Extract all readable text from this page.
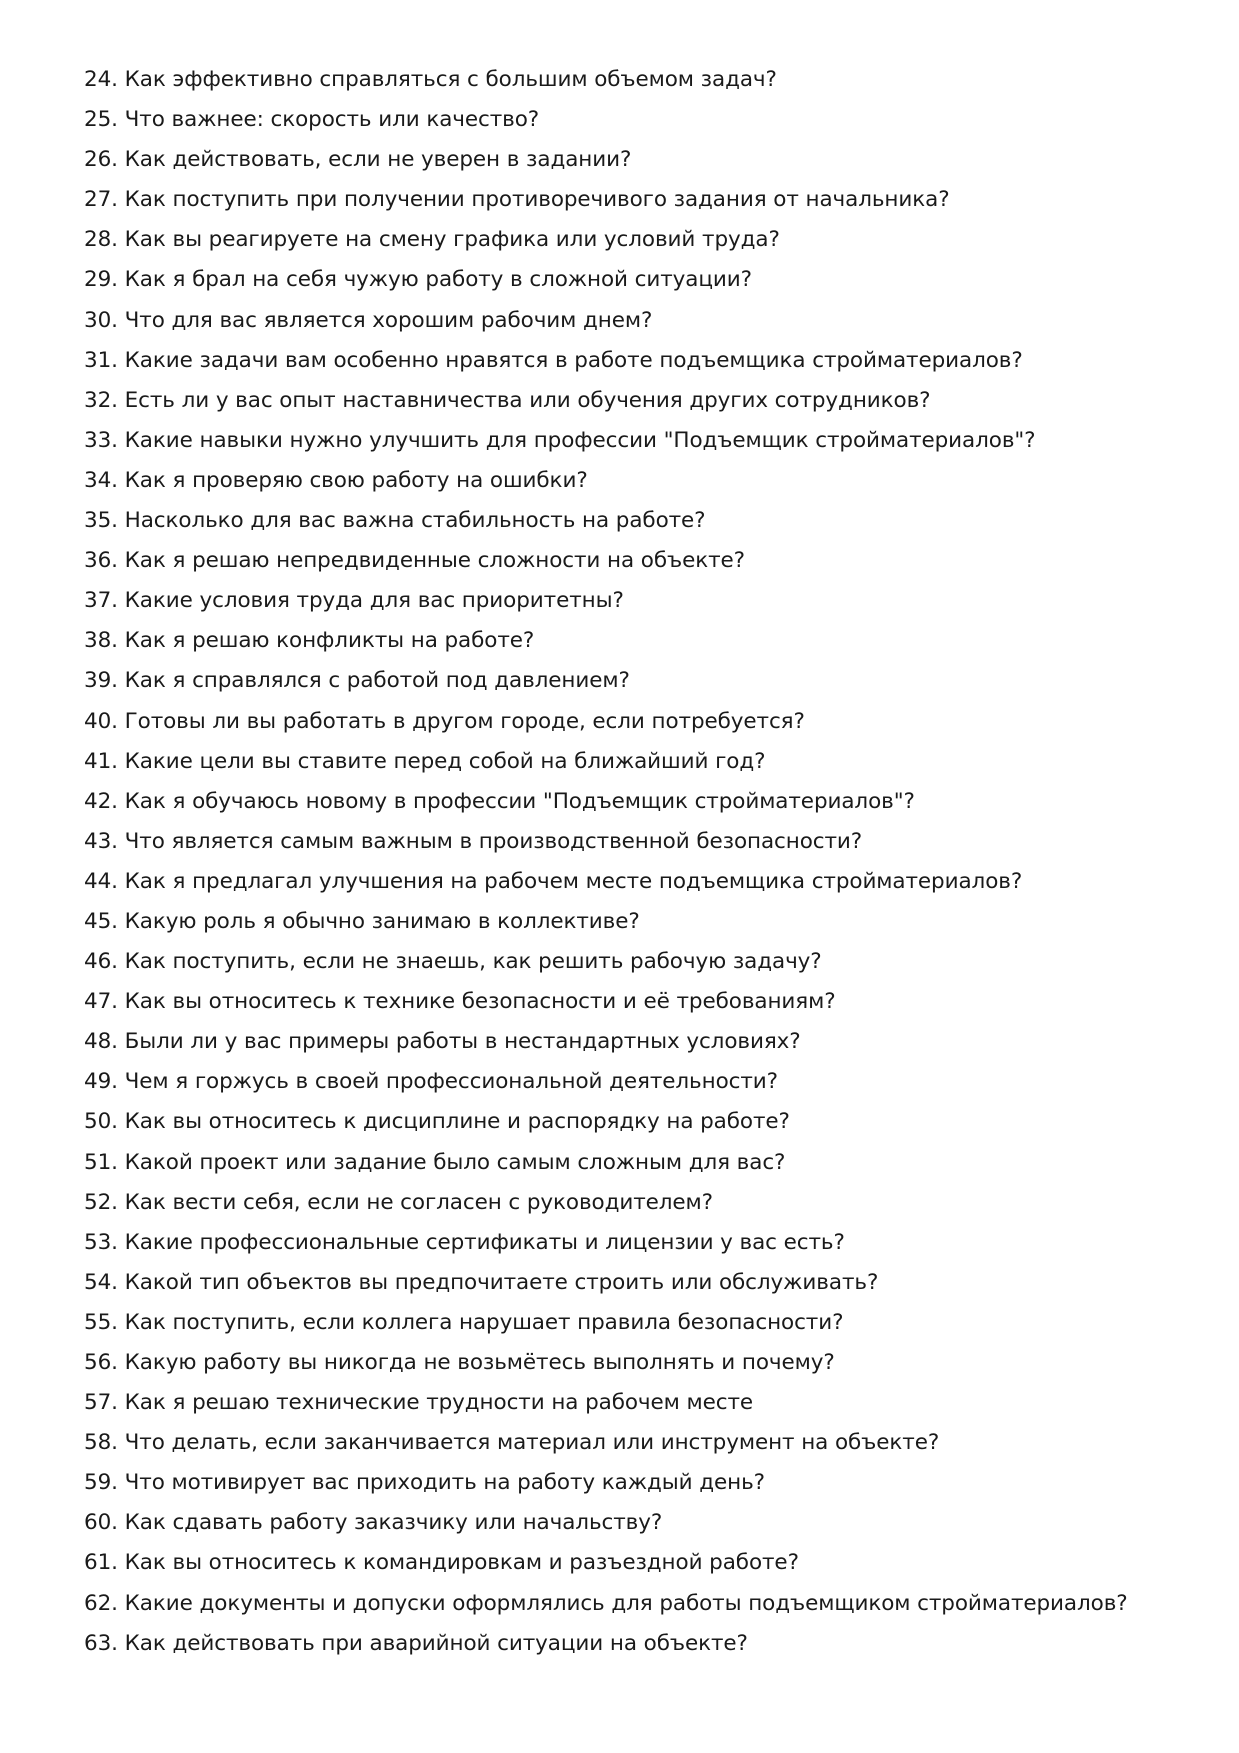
24. Как эффективно справляться с большим объемом задач?
25. Что важнее: скорость или качество?
26. Как действовать, если не уверен в задании?
27. Как поступить при получении противоречивого задания от начальника?
28. Как вы реагируете на смену графика или условий труда?
29. Как я брал на себя чужую работу в сложной ситуации?
30. Что для вас является хорошим рабочим днем?
31. Какие задачи вам особенно нравятся в работе подъемщика стройматериалов?
32. Есть ли у вас опыт наставничества или обучения других сотрудников?
33. Какие навыки нужно улучшить для профессии "Подъемщик стройматериалов"?
34. Как я проверяю свою работу на ошибки?
35. Насколько для вас важна стабильность на работе?
36. Как я решаю непредвиденные сложности на объекте?
37. Какие условия труда для вас приоритетны?
38. Как я решаю конфликты на работе?
39. Как я справлялся с работой под давлением?
40. Готовы ли вы работать в другом городе, если потребуется?
41. Какие цели вы ставите перед собой на ближайший год?
42. Как я обучаюсь новому в профессии "Подъемщик стройматериалов"?
43. Что является самым важным в производственной безопасности?
44. Как я предлагал улучшения на рабочем месте подъемщика стройматериалов?
45. Какую роль я обычно занимаю в коллективе?
46. Как поступить, если не знаешь, как решить рабочую задачу?
47. Как вы относитесь к технике безопасности и её требованиям?
48. Были ли у вас примеры работы в нестандартных условиях?
49. Чем я горжусь в своей профессиональной деятельности?
50. Как вы относитесь к дисциплине и распорядку на работе?
51. Какой проект или задание было самым сложным для вас?
52. Как вести себя, если не согласен с руководителем?
53. Какие профессиональные сертификаты и лицензии у вас есть?
54. Какой тип объектов вы предпочитаете строить или обслуживать?
55. Как поступить, если коллега нарушает правила безопасности?
56. Какую работу вы никогда не возьмётесь выполнять и почему?
57. Как я решаю технические трудности на рабочем месте
58. Что делать, если заканчивается материал или инструмент на объекте?
59. Что мотивирует вас приходить на работу каждый день?
60. Как сдавать работу заказчику или начальству?
61. Как вы относитесь к командировкам и разъездной работе?
62. Какие документы и допуски оформлялись для работы подъемщиком стройматериалов?
63. Как действовать при аварийной ситуации на объекте?
